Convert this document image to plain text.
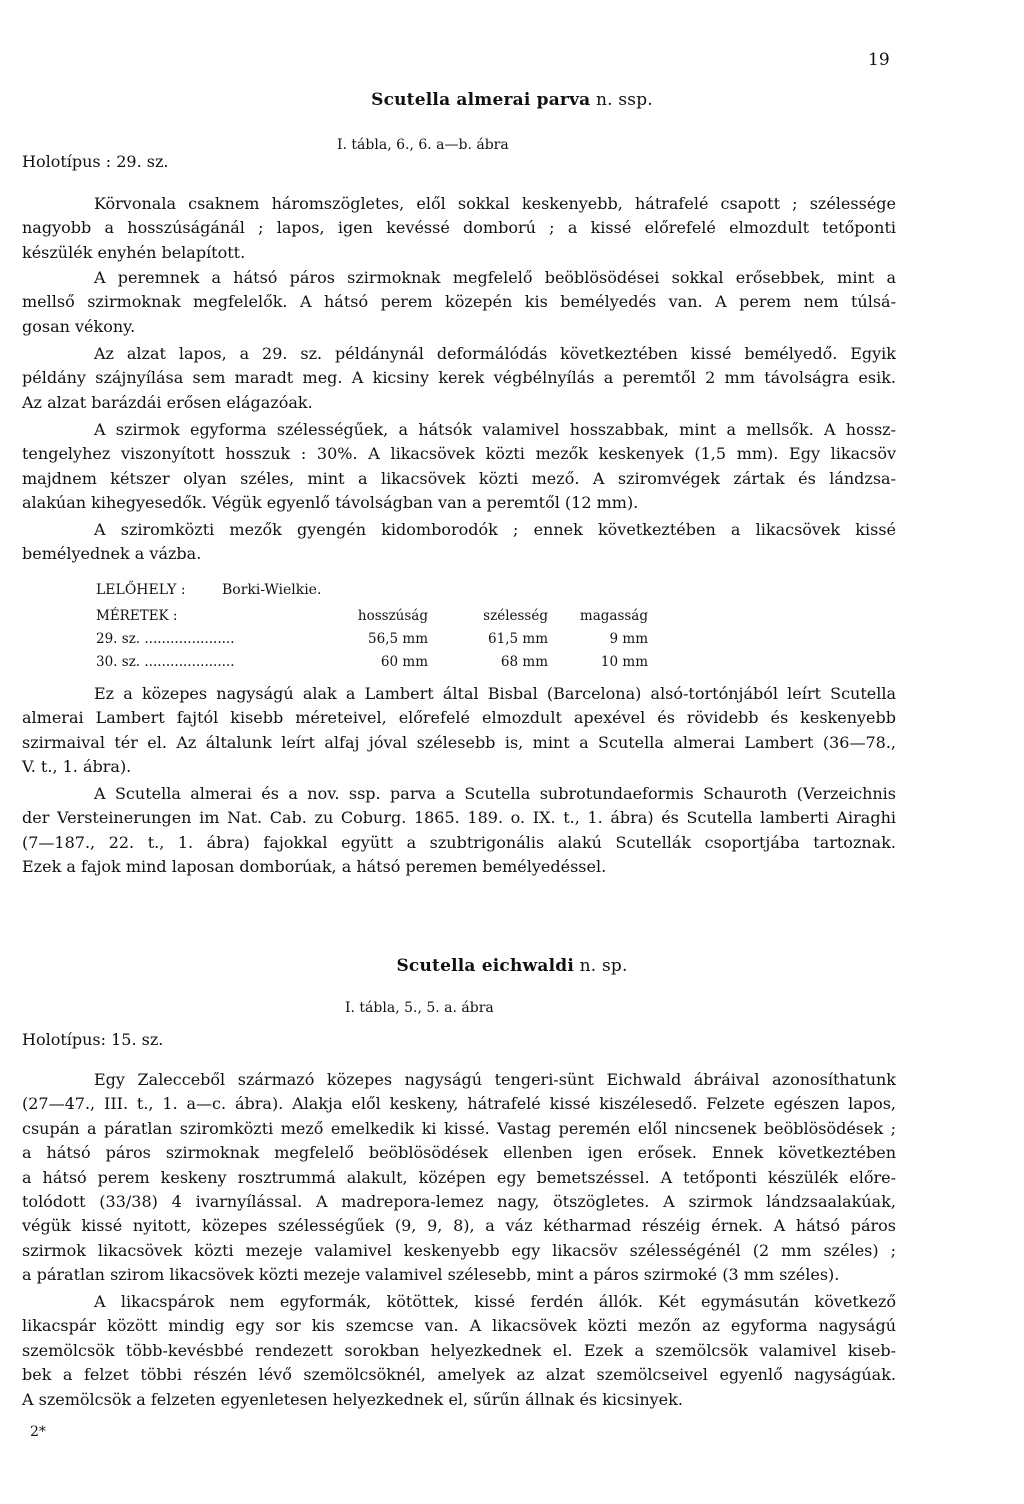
19
Scutella almerai parva n. ssp.
I. tábla, 6., 6. a—b. ábra
Holotípus : 29. sz.
Körvonala csaknem háromszögletes, elől sokkal keskenyebb, hátrafelé csapott ; szélessége
nagyobb a hosszúságánál ; lapos, igen kevéssé domború ; a kissé előrefelé elmozdult tetőponti
készülék enyhén belapított.
A peremnek a hátsó páros szirmoknak megfelelő beöblösödései sokkal erősebbek, mint a
mellső szirmoknak megfelelők. A hátsó perem közepén kis bemélyedés van. A perem nem túlsá-
gosan vékony.
Az alzat lapos, a 29. sz. példánynál deformálódás következtében kissé bemélyedő. Egyik
példány szájnyílása sem maradt meg. A kicsiny kerek végbélnyílás a peremtől 2 mm távolságra esik.
Az alzat barázdái erősen elágazóak.
A szirmok egyforma szélességűek, a hátsók valamivel hosszabbak, mint a mellsők. A hossz-
tengelyhez viszonyított hosszuk : 30%. A likacsövek közti mezők keskenyek (1,5 mm). Egy likacsöv
majdnem kétszer olyan széles, mint a likacsövek közti mező. A sziromvégek zártak és lándzsa-
alakúan kihegyesedők. Végük egyenlő távolságban van a peremtől (12 mm).
A sziromközti mezők gyengén kidomborodók ; ennek következtében a likacsövek kissé
bemélyednek a vázba.
LELŐHELY :	Borki-Wielkie.
MÉRETEK :	hosszúság	szélesség	magasság
29. sz. .....................	56,5 mm	61,5 mm	9 mm
30. sz. .....................	60 mm	68 mm	10 mm
Ez a közepes nagyságú alak a Lambert által Bisbal (Barcelona) alsó-tortónjából leírt Scutella
almerai Lambert fajtól kisebb méreteivel, előrefelé elmozdult apexével és rövidebb és keskenyebb
szirmaival tér el. Az általunk leírt alfaj jóval szélesebb is, mint a Scutella almerai Lambert (36—78.,
V. t., 1. ábra).
A Scutella almerai és a nov. ssp. parva a Scutella subrotundaeformis Schauroth (Verzeichnis
der Versteinerungen im Nat. Cab. zu Coburg. 1865. 189. o. IX. t., 1. ábra) és Scutella lamberti Airaghi
(7—187., 22. t., 1. ábra) fajokkal együtt a szubtrigonális alakú Scutellák csoportjába tartoznak.
Ezek a fajok mind laposan domborúak, a hátsó peremen bemélyedéssel.
Scutella eichwaldi n. sp.
I. tábla, 5., 5. a. ábra
Holotípus: 15. sz.
Egy Zalecceből származó közepes nagyságú tengeri-sünt Eichwald ábráival azonosíthatunk
(27—47., III. t., 1. a—c. ábra). Alakja elől keskeny, hátrafelé kissé kiszélesedő. Felzete egészen lapos,
csupán a páratlan sziromközti mező emelkedik ki kissé. Vastag peremén elől nincsenek beöblösödések ;
a hátsó páros szirmoknak megfelelő beöblösödések ellenben igen erősek. Ennek következtében
a hátsó perem keskeny rosztrummá alakult, középen egy bemetszéssel. A tetőponti készülék előre-
tolódott (33/38) 4 ivarnyílással. A madrepora-lemez nagy, ötszögletes. A szirmok lándzsaalakúak,
végük kissé nyitott, közepes szélességűek (9, 9, 8), a váz kétharmad részéig érnek. A hátsó páros
szirmok likacsövek közti mezeje valamivel keskenyebb egy likacsöv szélességénél (2 mm széles) ;
a páratlan szirom likacsövek közti mezeje valamivel szélesebb, mint a páros szirmoké (3 mm széles).
A likacspárok nem egyformák, kötöttek, kissé ferdén állók. Két egymásután következő
likacspár között mindig egy sor kis szemcse van. A likacsövek közti mezőn az egyforma nagyságú
szemölcsök több-kevésbbé rendezett sorokban helyezkednek el. Ezek a szemölcsök valamivel kiseb-
bek a felzet többi részén lévő szemölcsöknél, amelyek az alzat szemölcseivel egyenlő nagyságúak.
A szemölcsök a felzeten egyenletesen helyezkednek el, sűrűn állnak és kicsinyek.
2*
